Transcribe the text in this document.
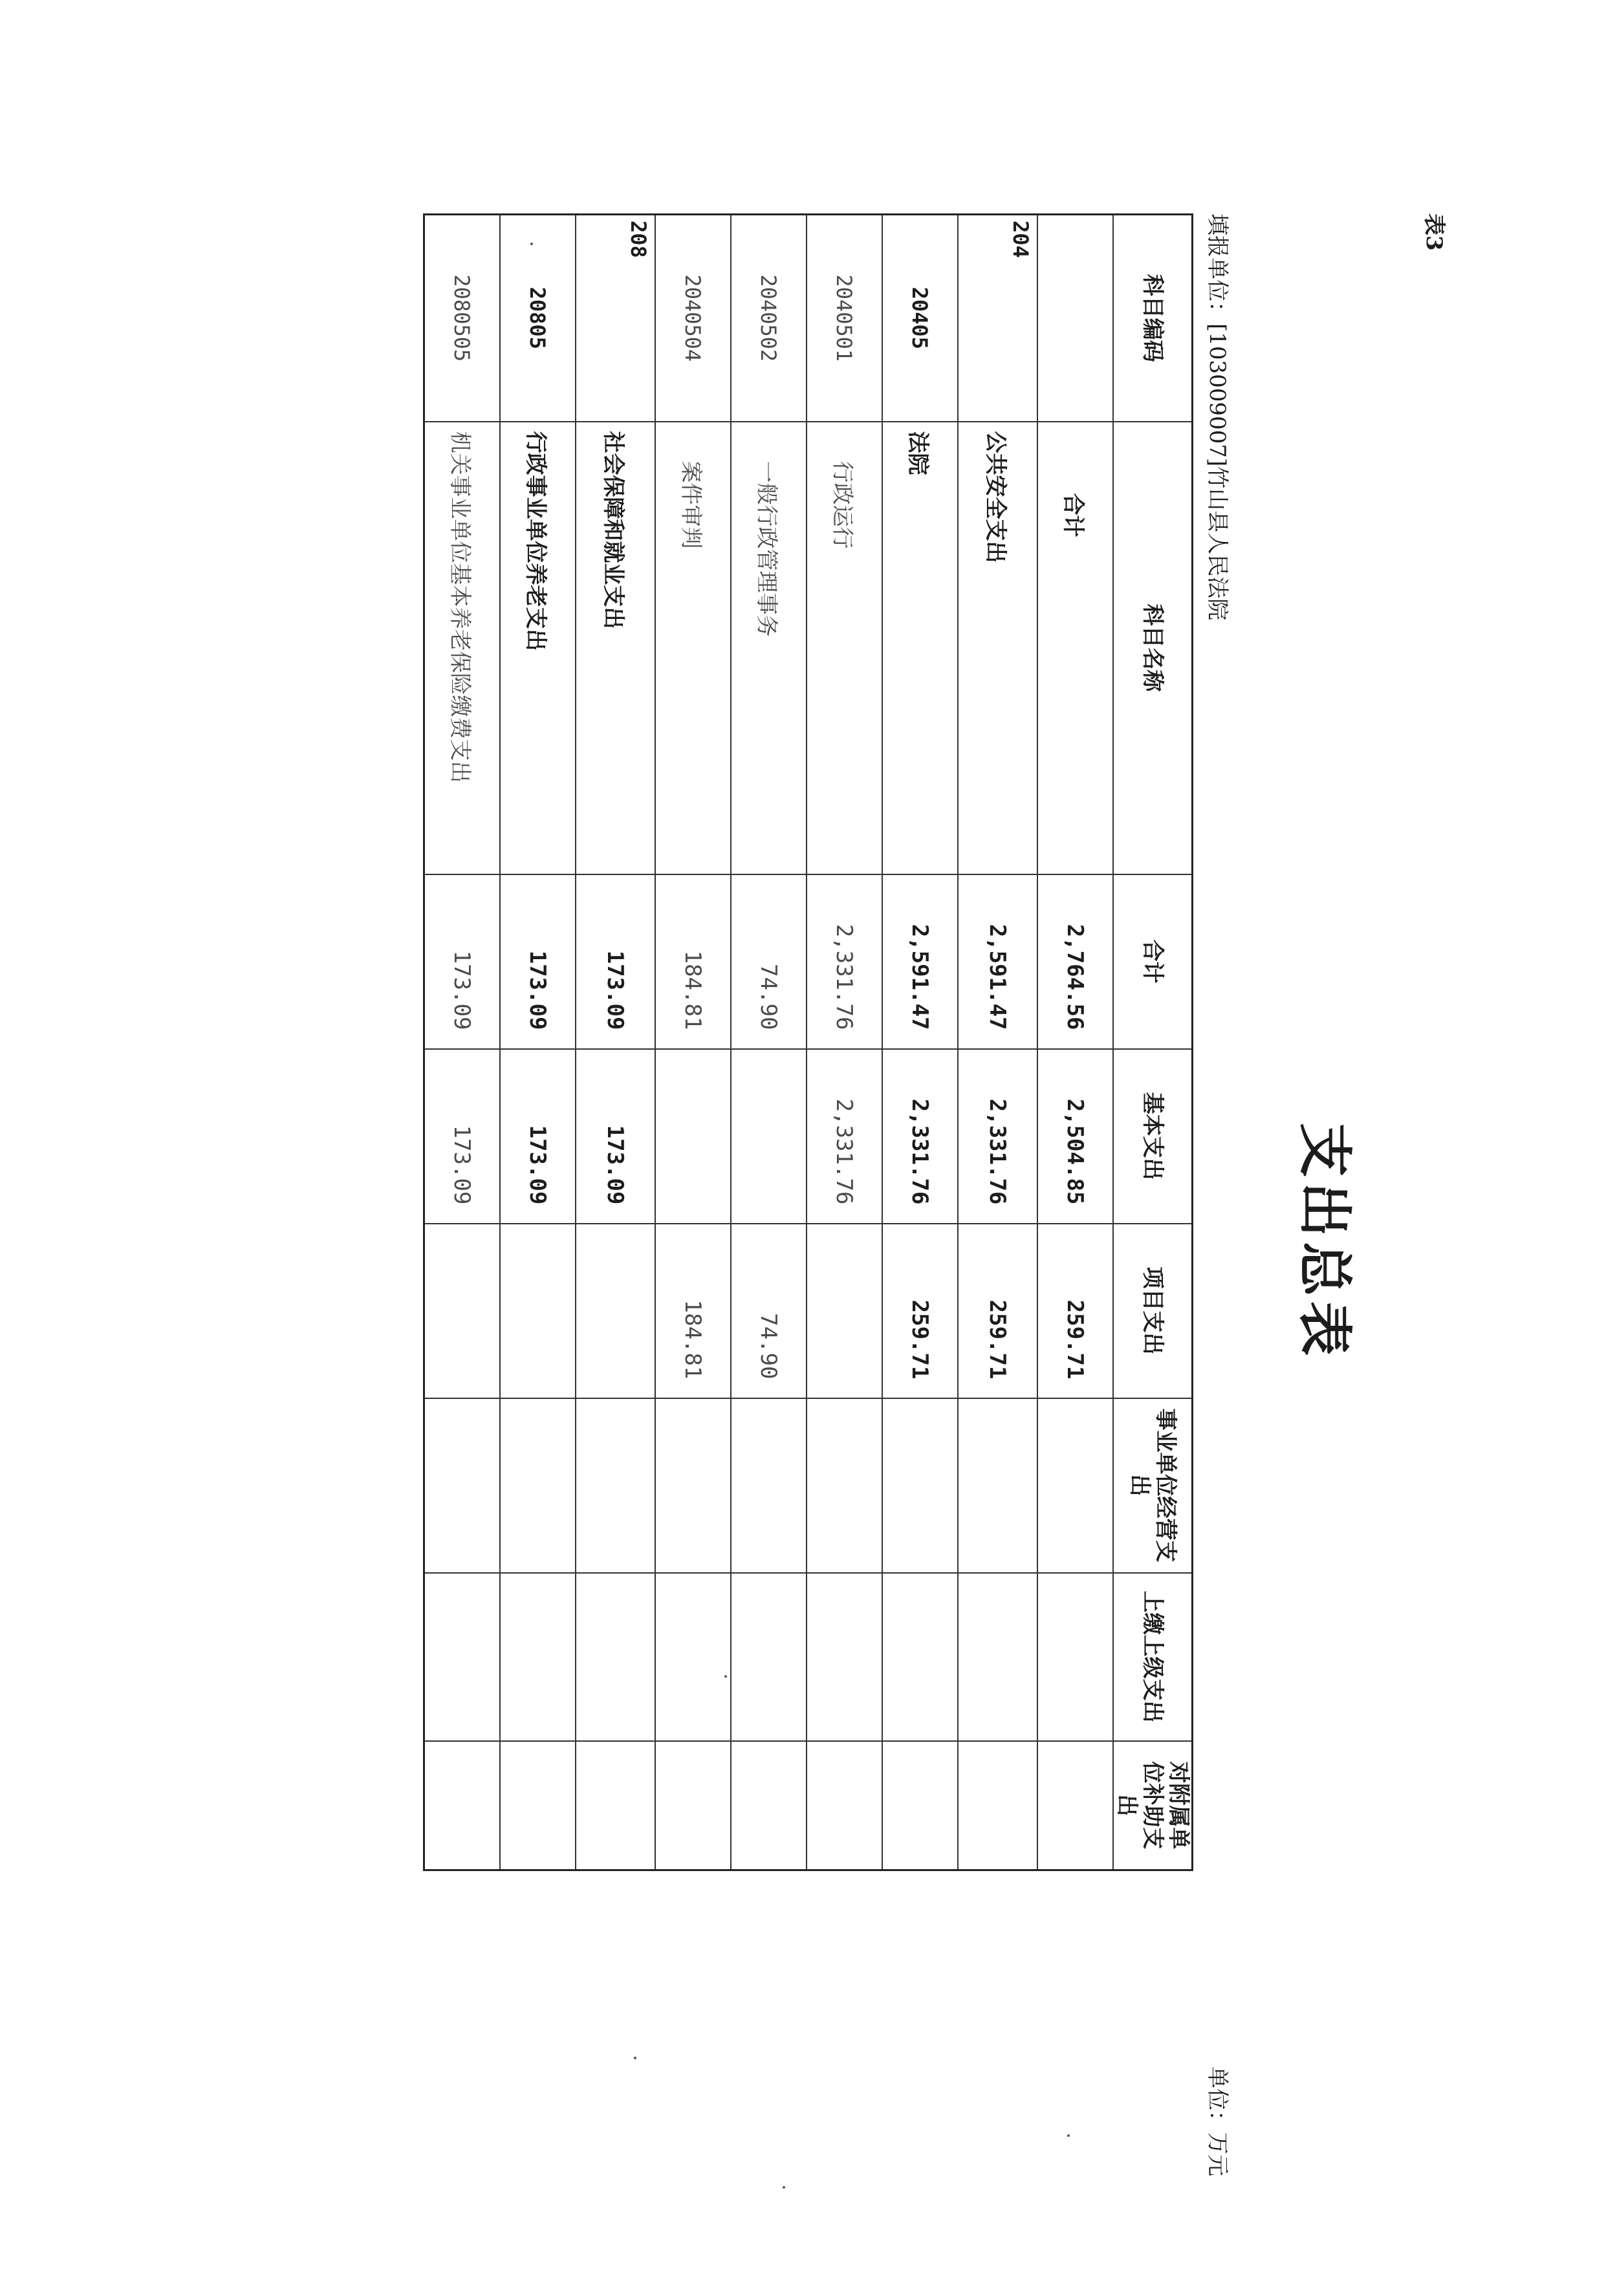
表3
支出总表
填报单位：[103009007]竹山县人民法院
单位：万元
科目编码	科目名称	合计	基本支出	项目支出	事业单位经营支出	上缴上级支出	对附属单位补助支出
	合计	2,764.56	2,504.85	259.71			
204	公共安全支出	2,591.47	2,331.76	259.71			
20405	法院	2,591.47	2,331.76	259.71			
2040501	行政运行	2,331.76	2,331.76				
2040502	一般行政管理事务	74.90		74.90			
2040504	案件审判	184.81		184.81			
208	社会保障和就业支出	173.09	173.09				
20805	行政事业单位养老支出	173.09	173.09				
2080505	机关事业单位基本养老保险缴费支出	173.09	173.09				
